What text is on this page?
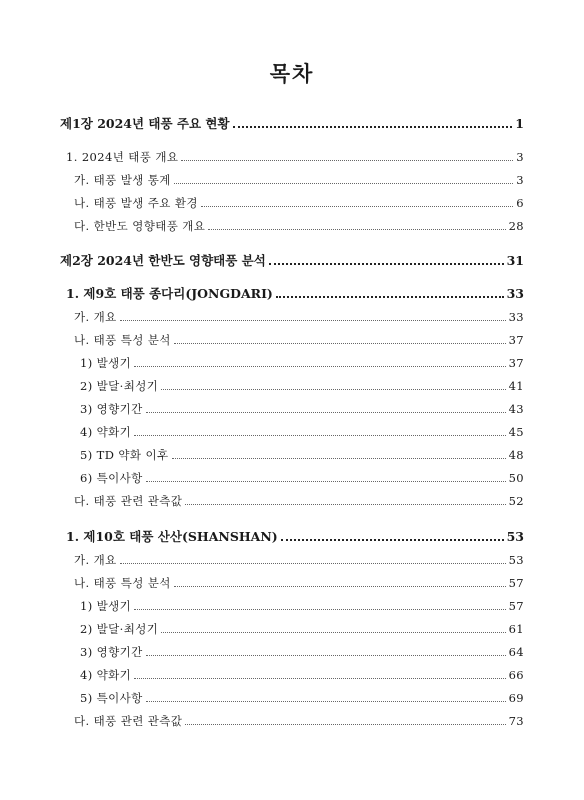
목차
제1장 2024년 태풍 주요 현황	1
1. 2024년 태풍 개요	3
가. 태풍 발생 통계	3
나. 태풍 발생 주요 환경	6
다. 한반도 영향태풍 개요	28
제2장 2024년 한반도 영향태풍 분석	31
1. 제9호 태풍 종다리(JONGDARI)	33
가. 개요	33
나. 태풍 특성 분석	37
1) 발생기	37
2) 발달·최성기	41
3) 영향기간	43
4) 약화기	45
5) TD 약화 이후	48
6) 특이사항	50
다. 태풍 관련 관측값	52
1. 제10호 태풍 산산(SHANSHAN)	53
가. 개요	53
나. 태풍 특성 분석	57
1) 발생기	57
2) 발달·최성기	61
3) 영향기간	64
4) 약화기	66
5) 특이사항	69
다. 태풍 관련 관측값	73
